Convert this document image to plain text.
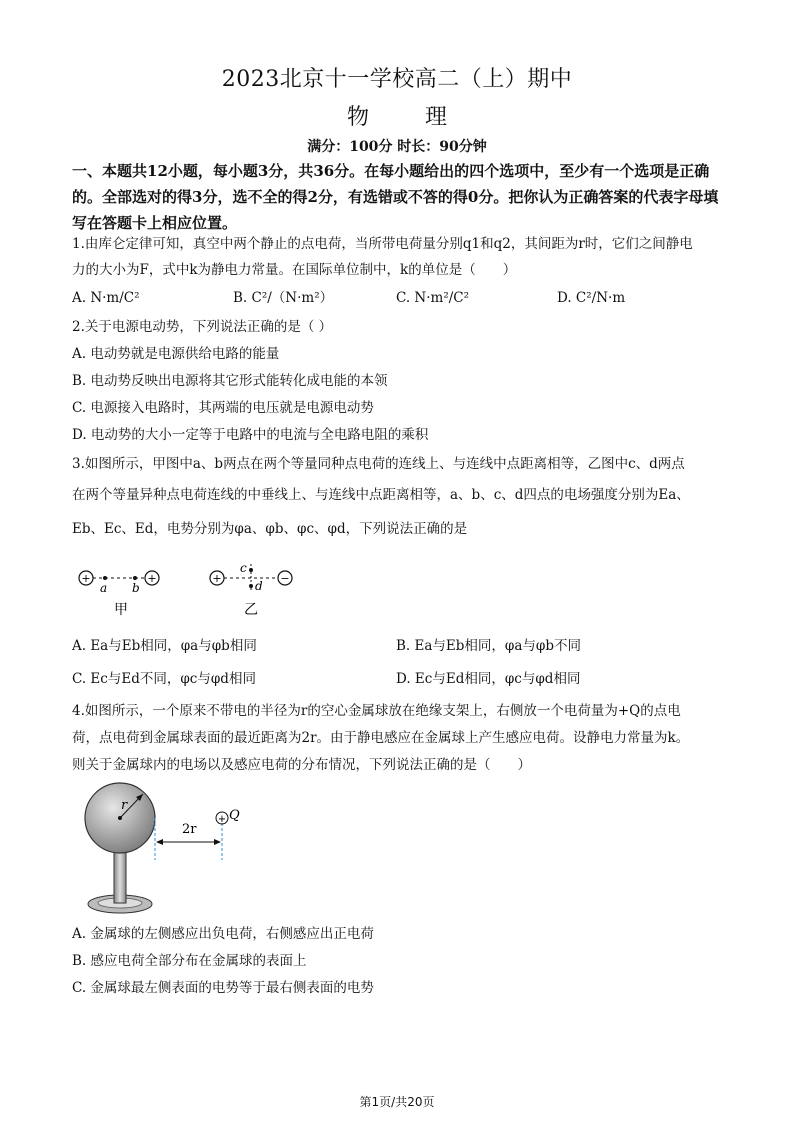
2023北京十一学校高二（上）期中
物理
满分：100分 时长：90分钟
一、本题共12小题，每小题3分，共36分。在每小题给出的四个选项中，至少有一个选项是正确的。全部选对的得3分，选不全的得2分，有选错或不答的得0分。把你认为正确答案的代表字母填写在答题卡上相应位置。
1.由库仑定律可知，真空中两个静止的点电荷，当所带电荷量分别q1和q2，其间距为r时，它们之间静电
力的大小为F，式中k为静电力常量。在国际单位制中，k的单位是（　　）
A. N·m/C²	B. C²/（N·m²）	C. N·m²/C²	D. C²/N·m
2.关于电源电动势，下列说法正确的是（ ）
A. 电动势就是电源供给电路的能量
B. 电动势反映出电源将其它形式能转化成电能的本领
C. 电源接入电路时，其两端的电压就是电源电动势
D. 电动势的大小一定等于电路中的电流与全电路电阻的乘积
3.如图所示，甲图中a、b两点在两个等量同种点电荷的连线上、与连线中点距离相等，乙图中c、d两点
在两个等量异种点电荷连线的中垂线上、与连线中点距离相等，a、b、c、d四点的电场强度分别为Ea、
Eb、Ec、Ed，电势分别为φa、φb、φc、φd，下列说法正确的是
+	+
a b
甲
+	−
c
d
乙
A. Ea与Eb相同，φa与φb相同	B. Ea与Eb相同，φa与φb不同
C. Ec与Ed不同，φc与φd相同	D. Ec与Ed相同，φc与φd相同
4.如图所示，一个原来不带电的半径为r的空心金属球放在绝缘支架上，右侧放一个电荷量为+Q的点电
荷，点电荷到金属球表面的最近距离为2r。由于静电感应在金属球上产生感应电荷。设静电力常量为k。
则关于金属球内的电场以及感应电荷的分布情况，下列说法正确的是（　　）
r
2r
+ Q
A. 金属球的左侧感应出负电荷，右侧感应出正电荷
B. 感应电荷全部分布在金属球的表面上
C. 金属球最左侧表面的电势等于最右侧表面的电势
第1页/共20页
